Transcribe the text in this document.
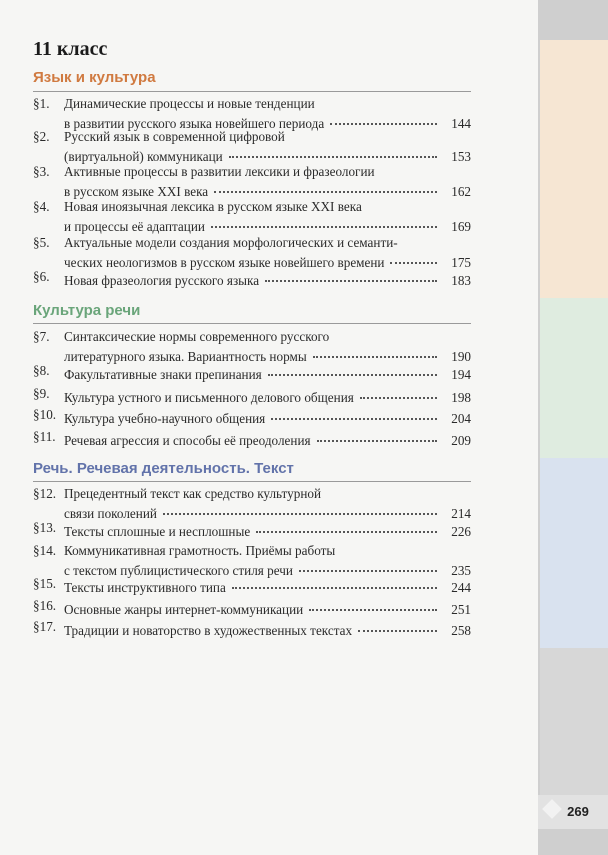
269
11 класс
Язык и культура
§1.	Динамические процессы и новые тенденции
в развитии русского языка новейшего периода	144
§2.	Русский язык в современной цифровой
(виртуальной) коммуникаци	153
§3.	Активные процессы в развитии лексики и фразеологии
в русском языке XXI века	162
§4.	Новая иноязычная лексика в русском языке XXI века
и процессы её адаптации	169
§5.	Актуальные модели создания морфологических и семанти-
ческих неологизмов в русском языке новейшего времени	175
§6.	Новая фразеология русского языка	183
Культура речи
§7.	Синтаксические нормы современного русского
литературного языка. Вариантность нормы	190
§8.	Факультативные знаки препинания	194
§9.	Культура устного и письменного делового общения	198
§10. Культура учебно-научного общения	204
§11. Речевая агрессия и способы её преодоления	209
Речь. Речевая деятельность. Текст
§12. Прецедентный текст как средство культурной
связи поколений	214
§13. Тексты сплошные и несплошные	226
§14. Коммуникативная грамотность. Приёмы работы
с текстом публицистического стиля речи	235
§15. Тексты инструктивного типа	244
§16. Основные жанры интернет-коммуникации	251
§17. Традиции и новаторство в художественных текстах	258
